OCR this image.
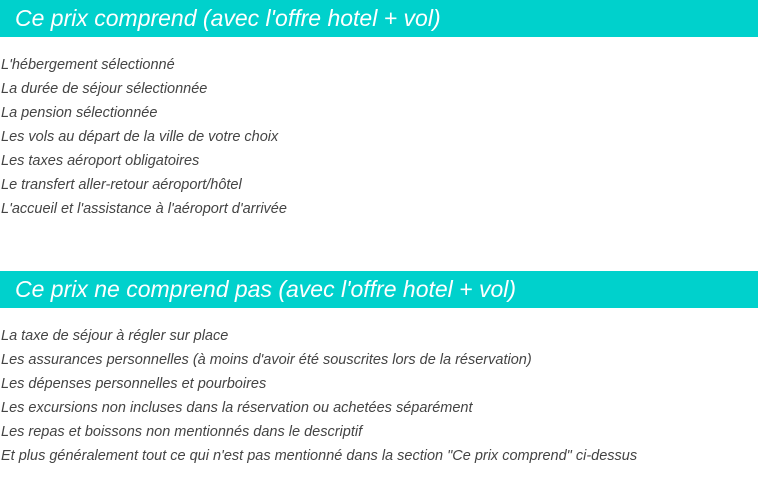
Ce prix comprend (avec l'offre hotel + vol)
L'hébergement sélectionné
La durée de séjour sélectionnée
La pension sélectionnée
Les vols au départ de la ville de votre choix
Les taxes aéroport obligatoires
Le transfert aller-retour aéroport/hôtel
L'accueil et l'assistance à l'aéroport d'arrivée
Ce prix ne comprend pas (avec l'offre hotel + vol)
La taxe de séjour à régler sur place
Les assurances personnelles (à moins d'avoir été souscrites lors de la réservation)
Les dépenses personnelles et pourboires
Les excursions non incluses dans la réservation ou achetées séparément
Les repas et boissons non mentionnés dans le descriptif
Et plus généralement tout ce qui n'est pas mentionné dans la section "Ce prix comprend" ci-dessus
